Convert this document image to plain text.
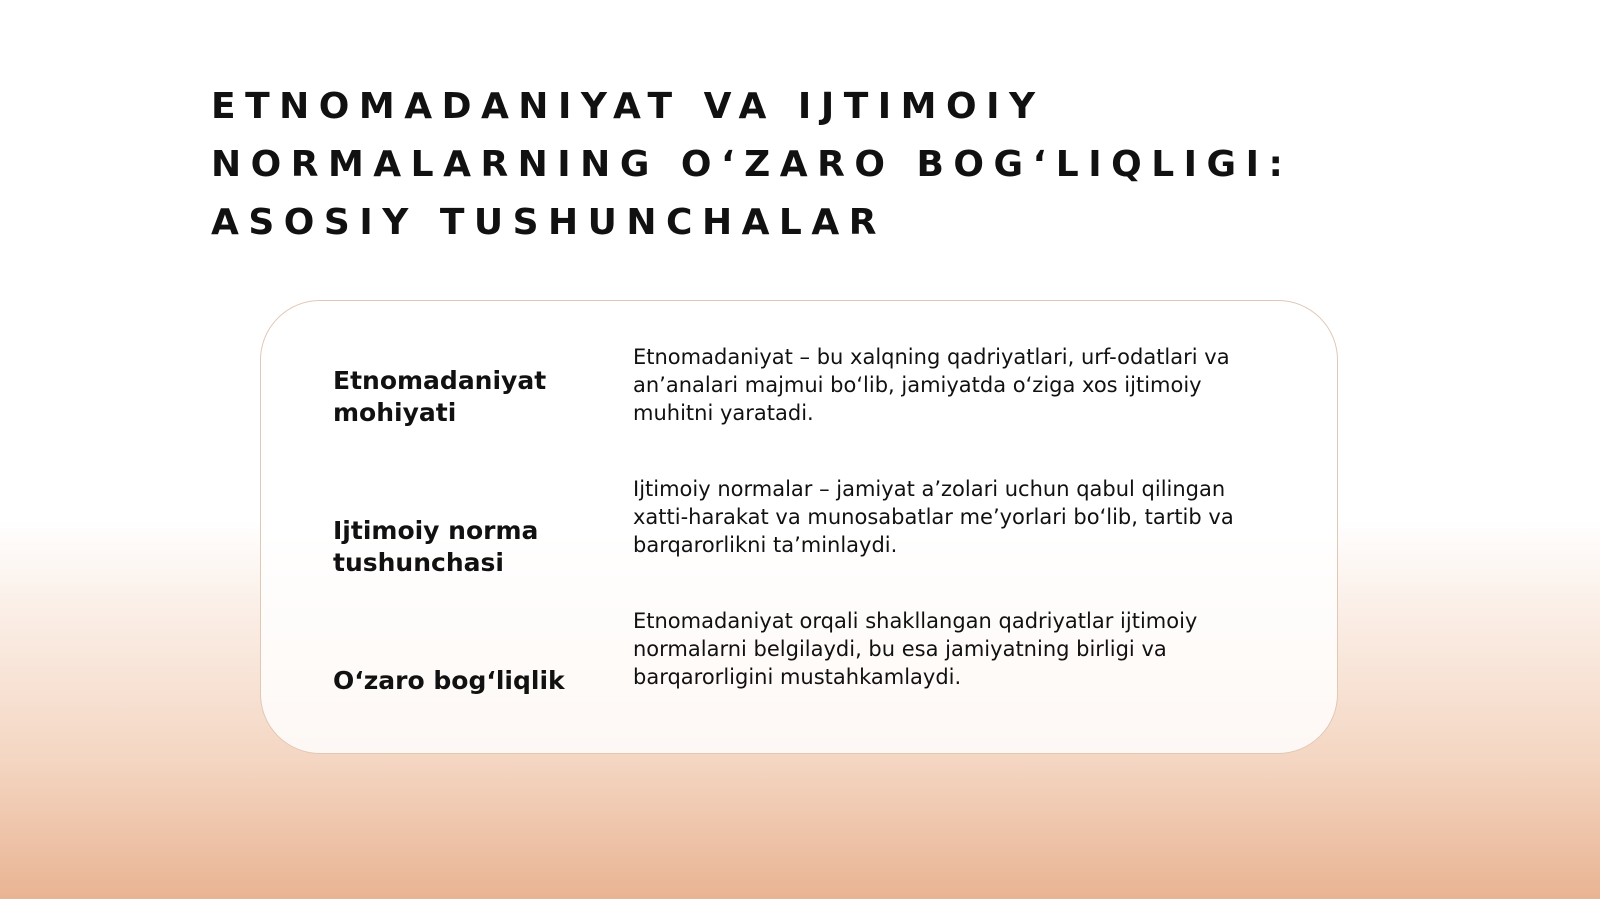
ETNOMADANIYAT VA IJTIMOIY
NORMALARNING O‘ZARO BOG‘LIQLIGI:
ASOSIY TUSHUNCHALAR

Etnomadaniyat
mohiyati

Etnomadaniyat – bu xalqning qadriyatlari, urf-odatlari va an’analari majmui bo‘lib, jamiyatda o‘ziga xos ijtimoiy muhitni yaratadi.

Ijtimoiy norma
tushunchasi

Ijtimoiy normalar – jamiyat a’zolari uchun qabul qilingan xatti-harakat va munosabatlar me’yorlari bo‘lib, tartib va barqarorlikni ta’minlaydi.

O‘zaro bog‘liqlik

Etnomadaniyat orqali shakllangan qadriyatlar ijtimoiy normalarni belgilaydi, bu esa jamiyatning birligi va barqarorligini mustahkamlaydi.
